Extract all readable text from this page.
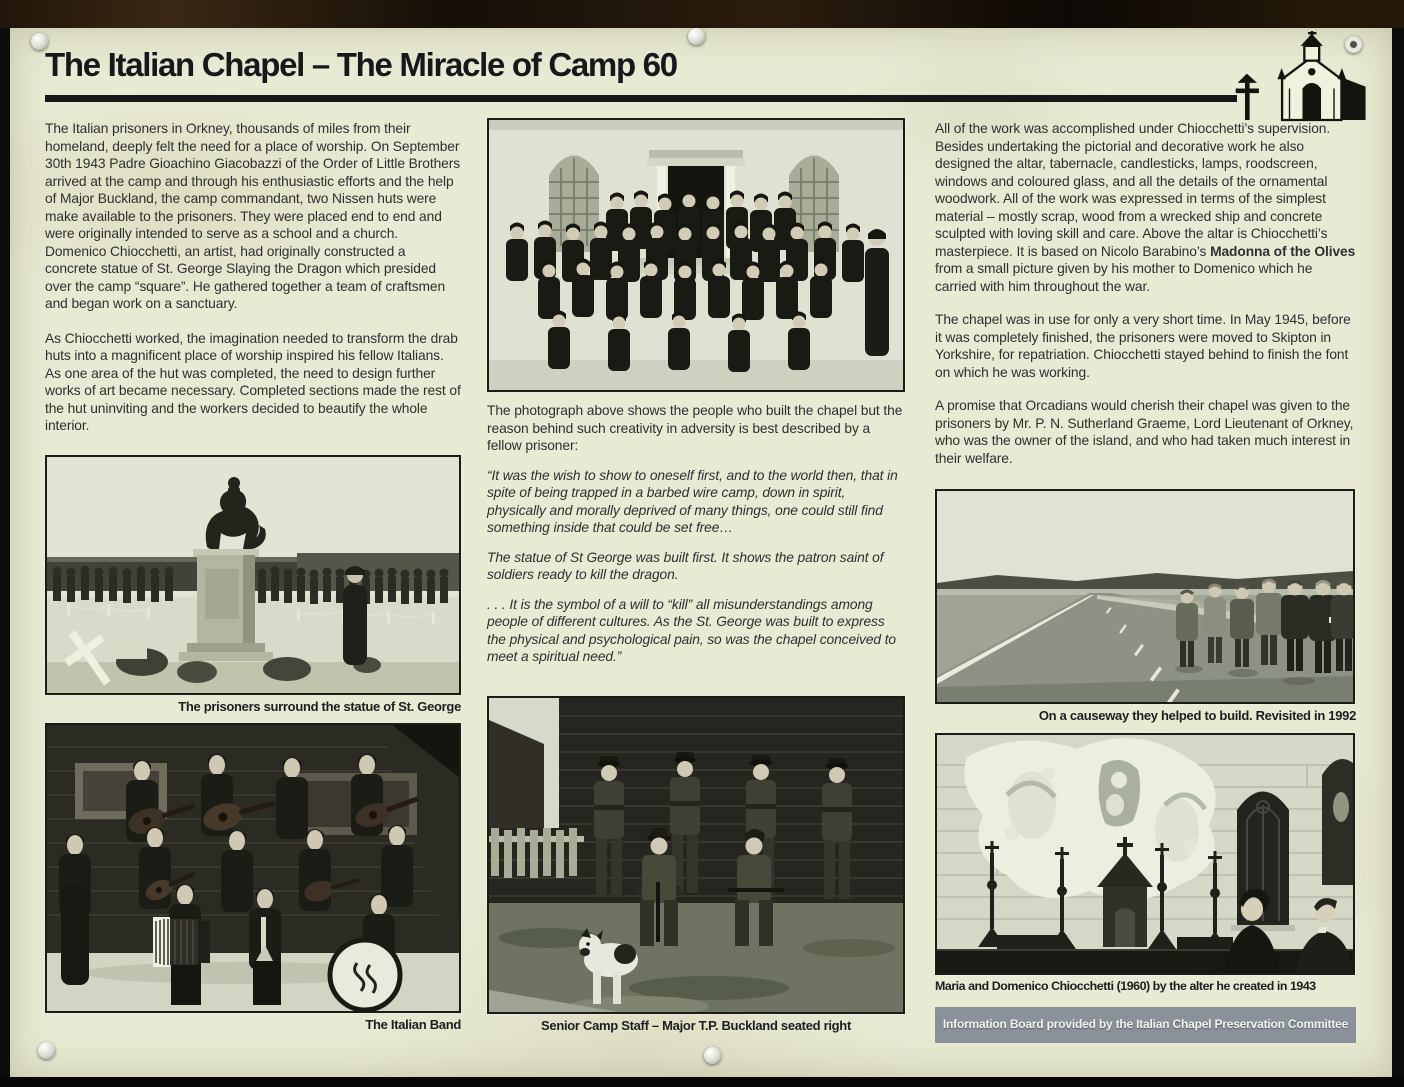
The Italian Chapel – The Miracle of Camp 60

The Italian prisoners in Orkney, thousands of miles from their homeland, deeply felt the need for a place of worship. On September 30th 1943 Padre Gioachino Giacobazzi of the Order of Little Brothers arrived at the camp and through his enthusiastic efforts and the help of Major Buckland, the camp commandant, two Nissen huts were make available to the prisoners. They were placed end to end and were originally intended to serve as a school and a church. Domenico Chiocchetti, an artist, had originally constructed a concrete statue of St. George Slaying the Dragon which presided over the camp “square”. He gathered together a team of craftsmen and began work on a sanctuary.

As Chiocchetti worked, the imagination needed to transform the drab huts into a magnificent place of worship inspired his fellow Italians. As one area of the hut was completed, the need to design further works of art became necessary. Completed sections made the rest of the hut uninviting and the workers decided to beautify the whole interior.

The prisoners surround the statue of St. George
The Italian Band

The photograph above shows the people who built the chapel but the reason behind such creativity in adversity is best described by a fellow prisoner:

“It was the wish to show to oneself first, and to the world then, that in spite of being trapped in a barbed wire camp, down in spirit, physically and morally deprived of many things, one could still find something inside that could be set free…

The statue of St George was built first. It shows the patron saint of soldiers ready to kill the dragon.

. . . It is the symbol of a will to “kill” all misunderstandings among people of different cultures. As the St. George was built to express the physical and psychological pain, so was the chapel conceived to meet a spiritual need.”

Senior Camp Staff – Major T.P. Buckland seated right

All of the work was accomplished under Chiocchetti’s supervision. Besides undertaking the pictorial and decorative work he also designed the altar, tabernacle, candlesticks, lamps, roodscreen, windows and coloured glass, and all the details of the ornamental woodwork. All of the work was expressed in terms of the simplest material – mostly scrap, wood from a wrecked ship and concrete sculpted with loving skill and care. Above the altar is Chiocchetti’s masterpiece. It is based on Nicolo Barabino’s Madonna of the Olives from a small picture given by his mother to Domenico which he carried with him throughout the war.

The chapel was in use for only a very short time. In May 1945, before it was completely finished, the prisoners were moved to Skipton in Yorkshire, for repatriation. Chiocchetti stayed behind to finish the font on which he was working.

A promise that Orcadians would cherish their chapel was given to the prisoners by Mr. P. N. Sutherland Graeme, Lord Lieutenant of Orkney, who was the owner of the island, and who had taken much interest in their welfare.

On a causeway they helped to build. Revisited in 1992
Maria and Domenico Chiocchetti (1960) by the alter he created in 1943
Information Board provided by the Italian Chapel Preservation Committee
